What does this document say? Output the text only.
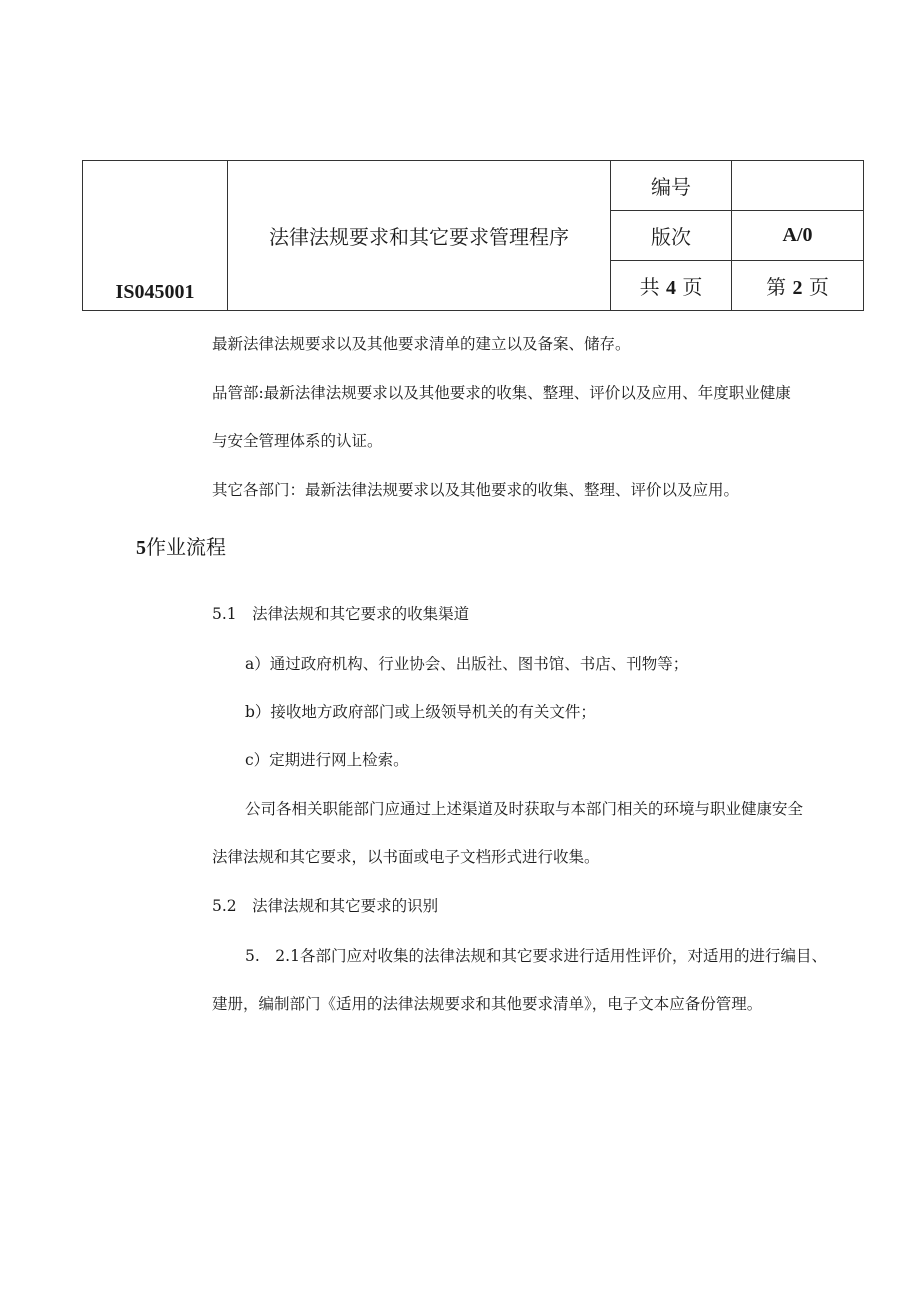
IS045001	法律法规要求和其它要求管理程序	编号	
		版次	A/0
		共 4 页	第 2 页
最新法律法规要求以及其他要求清单的建立以及备案、储存。
品管部:最新法律法规要求以及其他要求的收集、整理、评价以及应用、年度职业健康
与安全管理体系的认证。
其它各部门：最新法律法规要求以及其他要求的收集、整理、评价以及应用。
5作业流程
5.1　法律法规和其它要求的收集渠道
a）通过政府机构、行业协会、出版社、图书馆、书店、刊物等；
b）接收地方政府部门或上级领导机关的有关文件；
c）定期进行网上检索。
公司各相关职能部门应通过上述渠道及时获取与本部门相关的环境与职业健康安全
法律法规和其它要求，以书面或电子文档形式进行收集。
5.2　法律法规和其它要求的识别
5.　2.1各部门应对收集的法律法规和其它要求进行适用性评价，对适用的进行编目、
建册，编制部门《适用的法律法规要求和其他要求清单》，电子文本应备份管理。
